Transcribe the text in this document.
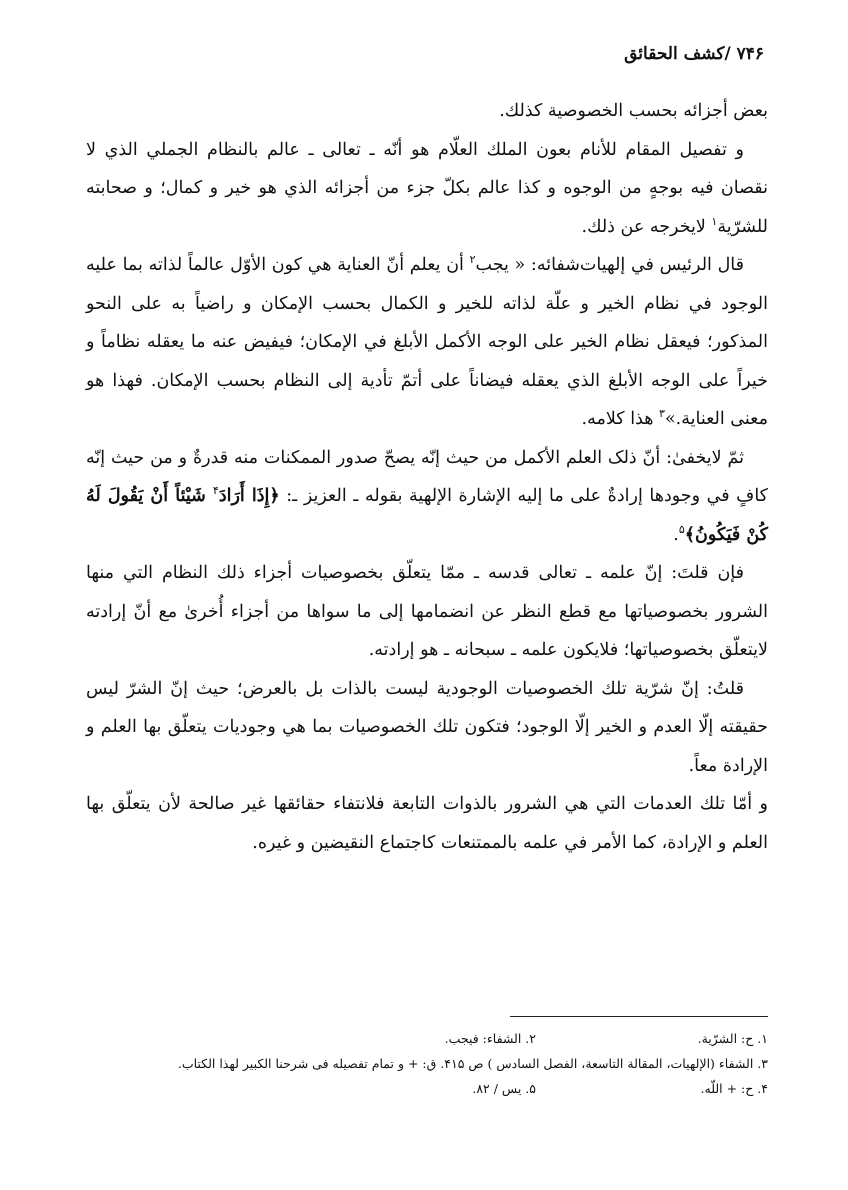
٧۴۶ /كشف الحقائق

بعض أجزائه بحسب الخصوصية كذلك.

و تفصيل المقام للأنام بعون الملك العلّام هو أنّه ـ تعالى ـ عالم بالنظام الجملي الذي لا نقصان فيه بوجهٍ من الوجوه و كذا عالم بكلّ جزء من أجزائه الذي هو خير و كمال؛ و صحابته للشرّية$^١$ لايخرجه عن ذلك.

قال الرئيس في إلهيات‌شفائه: « يجب$^٢$ أن يعلم أنّ العناية هي كون الأوّل عالماً لذاته بما عليه الوجود في نظام الخير و علّة لذاته للخير و الكمال بحسب الإمكان و راضياً به على النحو المذكور؛ فيعقل نظام الخير على الوجه الأكمل الأبلغ في الإمكان؛ فيفيض عنه ما يعقله نظاماً و خيراً على الوجه الأبلغ الذي يعقله فيضاناً على أتمّ تأدية إلى النظام بحسب الإمكان. فهذا هو معنى العناية.»$^٣$ هذا كلامه.

ثمّ لايخفىٰ: أنّ ذلک العلم الأكمل من حيث إنّه يصحّ صدور الممكنات منه قدرةٌ و من حيث إنّه كافٍ في وجودها إرادةٌ على ما إليه الإشارة الإلهية بقوله ـ العزيز ـ: ﴿إِذَا أَرَادَ$^۴$ شَيْئاً أَنْ يَقُولَ لَهُ كُنْ فَيَكُونُ﴾$^۵$.

فإن قلتَ: إنّ علمه ـ تعالى قدسه ـ ممّا يتعلّق بخصوصيات أجزاء ذلك النظام التي منها الشرور بخصوصياتها مع قطع النظر عن انضمامها إلى ما سواها من أجزاء أُخرىٰ مع أنّ إرادته لايتعلّق بخصوصياتها؛ فلايكون علمه ـ سبحانه ـ هو إرادته.

قلتُ: إنّ شرّية تلك الخصوصيات الوجودية ليست بالذات بل بالعرض؛ حيث إنّ الشرّ ليس حقيقته إلّا العدم و الخير إلّا الوجود؛ فتكون تلك الخصوصيات بما هي وجوديات يتعلّق بها العلم و الإرادة معاً.

و أمّا تلك العدمات التي هي الشرور بالذوات التابعة فلانتفاء حقائقها غير صالحة لأن يتعلّق بها العلم و الإرادة، كما الأمر في علمه بالممتنعات كاجتماع النقيضين و غيره.

١. ح: الشرّية.
٢. الشفاء: فيجب.
٣. الشفاء (الإلهيات، المقالة التاسعة، الفصل السادس ) ص ۴١۵. ق: + و تمام تفصيله فى شرحنا الكبير لهذا الكتاب.
۴. ح: + اللّه.
۵. يس / ٨٢.
